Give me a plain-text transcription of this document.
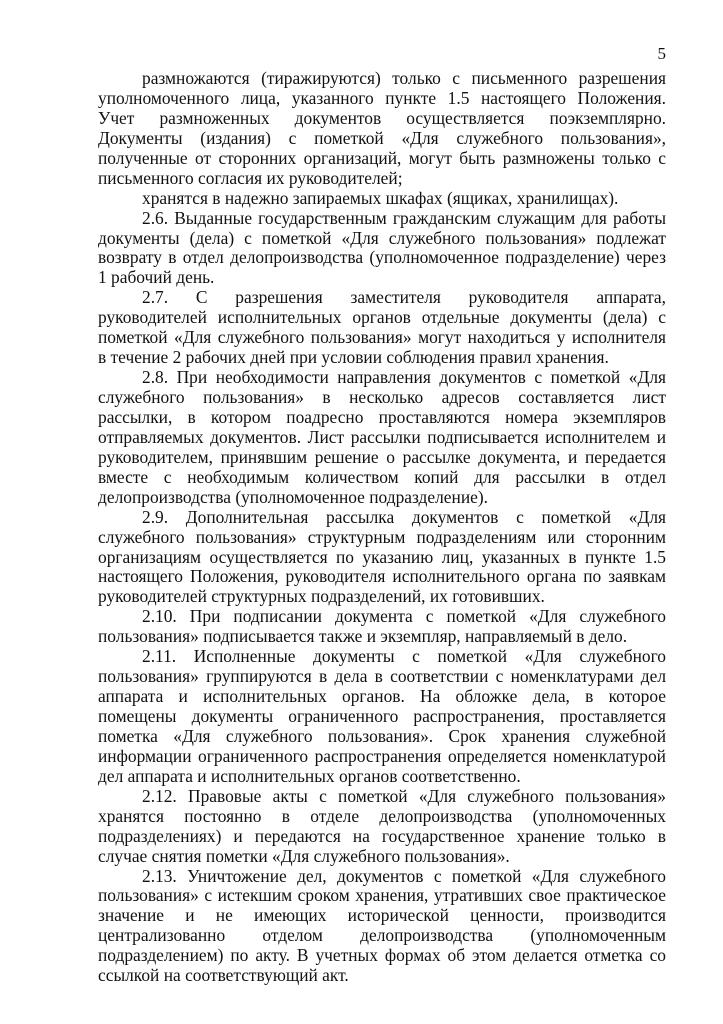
5
размножаются (тиражируются) только с письменного разрешения
уполномоченного лица, указанного пункте 1.5 настоящего Положения.
Учет размноженных документов осуществляется поэкземплярно.
Документы (издания) с пометкой «Для служебного пользования»,
полученные от сторонних организаций, могут быть размножены только с
письменного согласия их руководителей;
хранятся в надежно запираемых шкафах (ящиках, хранилищах).
2.6. Выданные государственным гражданским служащим для работы
документы (дела) с пометкой «Для служебного пользования» подлежат
возврату в отдел делопроизводства (уполномоченное подразделение) через
1 рабочий день.
2.7. С разрешения заместителя руководителя аппарата,
руководителей исполнительных органов отдельные документы (дела) с
пометкой «Для служебного пользования» могут находиться у исполнителя
в течение 2 рабочих дней при условии соблюдения правил хранения.
2.8. При необходимости направления документов с пометкой «Для
служебного пользования» в несколько адресов составляется лист
рассылки, в котором поадресно проставляются номера экземпляров
отправляемых документов. Лист рассылки подписывается исполнителем и
руководителем, принявшим решение о рассылке документа, и передается
вместе с необходимым количеством копий для рассылки в отдел
делопроизводства (уполномоченное подразделение).
2.9. Дополнительная рассылка документов с пометкой «Для
служебного пользования» структурным подразделениям или сторонним
организациям осуществляется по указанию лиц, указанных в пункте 1.5
настоящего Положения, руководителя исполнительного органа по заявкам
руководителей структурных подразделений, их готовивших.
2.10. При подписании документа с пометкой «Для служебного
пользования» подписывается также и экземпляр, направляемый в дело.
2.11. Исполненные документы с пометкой «Для служебного
пользования» группируются в дела в соответствии с номенклатурами дел
аппарата и исполнительных органов. На обложке дела, в которое
помещены документы ограниченного распространения, проставляется
пометка «Для служебного пользования». Срок хранения служебной
информации ограниченного распространения определяется номенклатурой
дел аппарата и исполнительных органов соответственно.
2.12. Правовые акты с пометкой «Для служебного пользования»
хранятся постоянно в отделе делопроизводства (уполномоченных
подразделениях) и передаются на государственное хранение только в
случае снятия пометки «Для служебного пользования».
2.13. Уничтожение дел, документов с пометкой «Для служебного
пользования» с истекшим сроком хранения, утративших свое практическое
значение и не имеющих исторической ценности, производится
централизованно отделом делопроизводства (уполномоченным
подразделением) по акту. В учетных формах об этом делается отметка со
ссылкой на соответствующий акт.
